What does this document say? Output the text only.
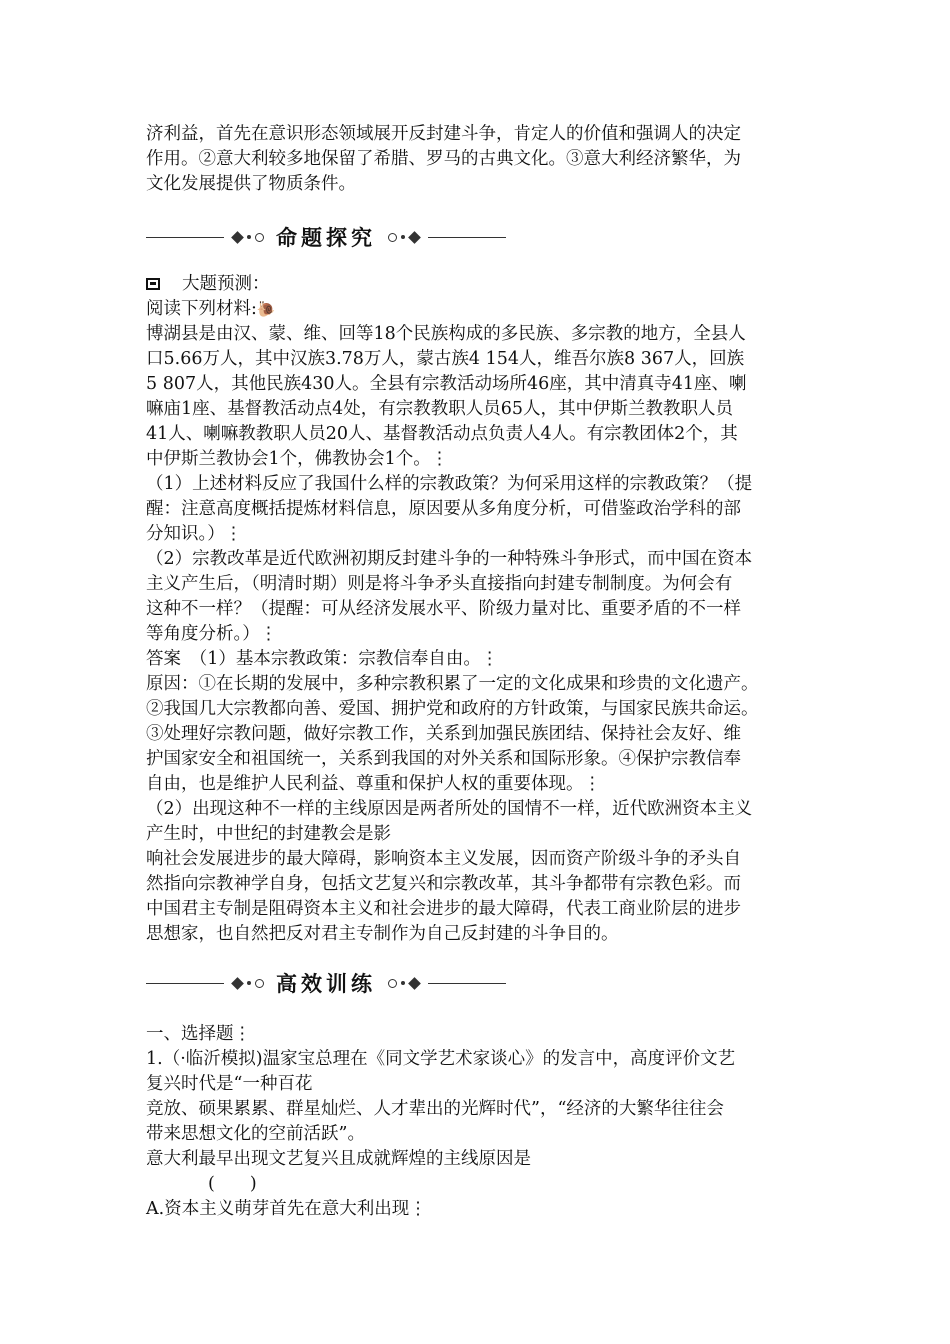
济利益，首先在意识形态领域展开反封建斗争，肯定人的价值和强调人的决定

作用。②意大利较多地保留了希腊、罗马的古典文化。③意大利经济繁华，为

文化发展提供了物质条件。

命题探究

大题预测：

阅读下列材料:🐌

博湖县是由汉、蒙、维、回等18个民族构成的多民族、多宗教的地方，全县人

口5.66万人，其中汉族3.78万人，蒙古族4 154人，维吾尔族8 367人，回族

5 807人，其他民族430人。全县有宗教活动场所46座，其中清真寺41座、喇

嘛庙1座、基督教活动点4处，有宗教教职人员65人，其中伊斯兰教教职人员

41人、喇嘛教教职人员20人、基督教活动点负责人4人。有宗教团体2个，其

中伊斯兰教协会1个，佛教协会1个。⋮

（1）上述材料反应了我国什么样的宗教政策？为何采用这样的宗教政策？（提

醒：注意高度概括提炼材料信息，原因要从多角度分析，可借鉴政治学科的部

分知识。）⋮

（2）宗教改革是近代欧洲初期反封建斗争的一种特殊斗争形式，而中国在资本

主义产生后，（明清时期）则是将斗争矛头直接指向封建专制制度。为何会有

这种不一样？（提醒：可从经济发展水平、阶级力量对比、重要矛盾的不一样

等角度分析。）⋮

答案　（1）基本宗教政策：宗教信奉自由。⋮

原因：①在长期的发展中，多种宗教积累了一定的文化成果和珍贵的文化遗产。

②我国几大宗教都向善、爱国、拥护党和政府的方针政策，与国家民族共命运。

③处理好宗教问题，做好宗教工作，关系到加强民族团结、保持社会友好、维

护国家安全和祖国统一，关系到我国的对外关系和国际形象。④保护宗教信奉

自由，也是维护人民利益、尊重和保护人权的重要体现。⋮

（2）出现这种不一样的主线原因是两者所处的国情不一样，近代欧洲资本主义

产生时，中世纪的封建教会是影

响社会发展进步的最大障碍，影响资本主义发展，因而资产阶级斗争的矛头自

然指向宗教神学自身，包括文艺复兴和宗教改革，其斗争都带有宗教色彩。而

中国君主专制是阻碍资本主义和社会进步的最大障碍，代表工商业阶层的进步

思想家，也自然把反对君主专制作为自己反封建的斗争目的。

高效训练

一、选择题⋮

1.（·临沂模拟)温家宝总理在《同文学艺术家谈心》的发言中，高度评价文艺

复兴时代是“一种百花

竞放、硕果累累、群星灿烂、人才辈出的光辉时代”，“经济的大繁华往往会

带来思想文化的空前活跃”。

意大利最早出现文艺复兴且成就辉煌的主线原因是

(　　)

A.资本主义萌芽首先在意大利出现⋮
